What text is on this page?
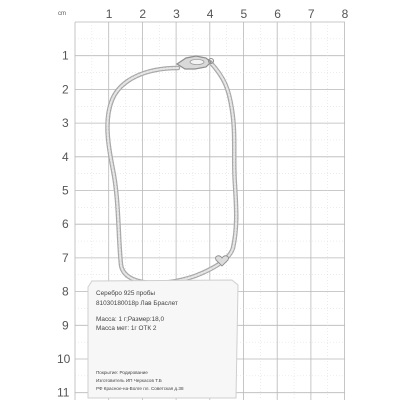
cm	1 2 3 4 5 6 7 8
1
2
3
4
5
6
7
8
9
10
11
Серебро 925 пробы
81030180018р Лав Браслет
Масса: 1 г;Размер:18,0
Масса мет: 1г ОТК 2
Покрытие: Родирование
Изготовитель ИП Черкасов Т.Б
РФ Красное-на-Волге пл. Советская д.38
